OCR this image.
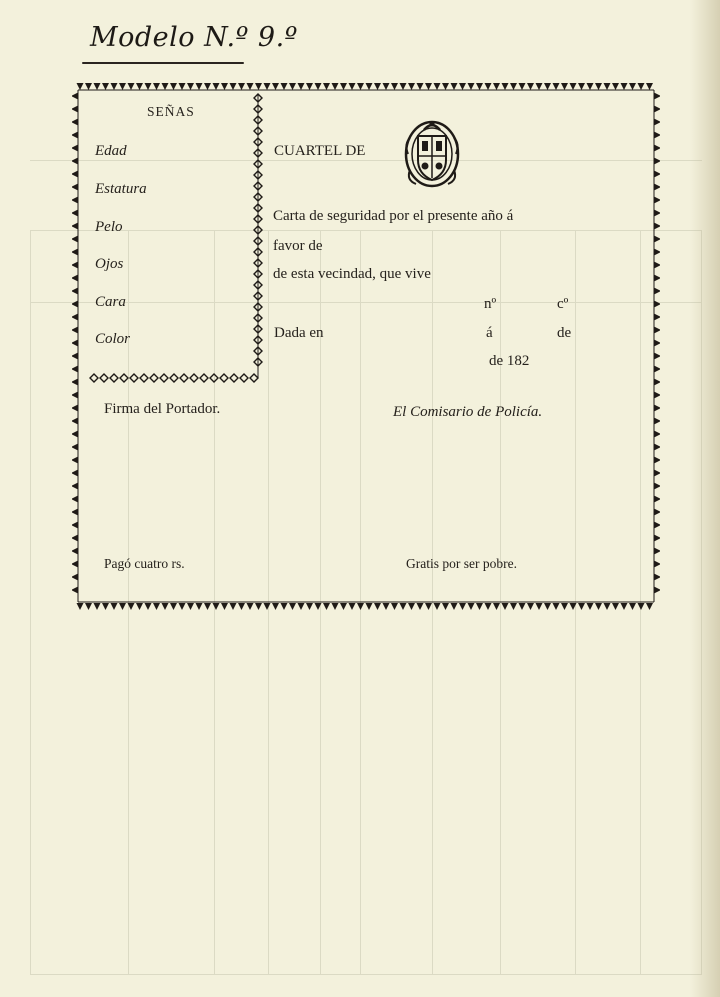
Modelo N.º 9.º
SEÑAS
Edad
Estatura
Pelo
Ojos
Cara
Color
CUARTEL DE
Carta de seguridad por el presente año á
favor de
de esta vecindad, que vive
nº	cº
Dada en	á	de
de 182
Firma del Portador.	El Comisario de Policía.
Pagó cuatro rs.	Gratis por ser pobre.
